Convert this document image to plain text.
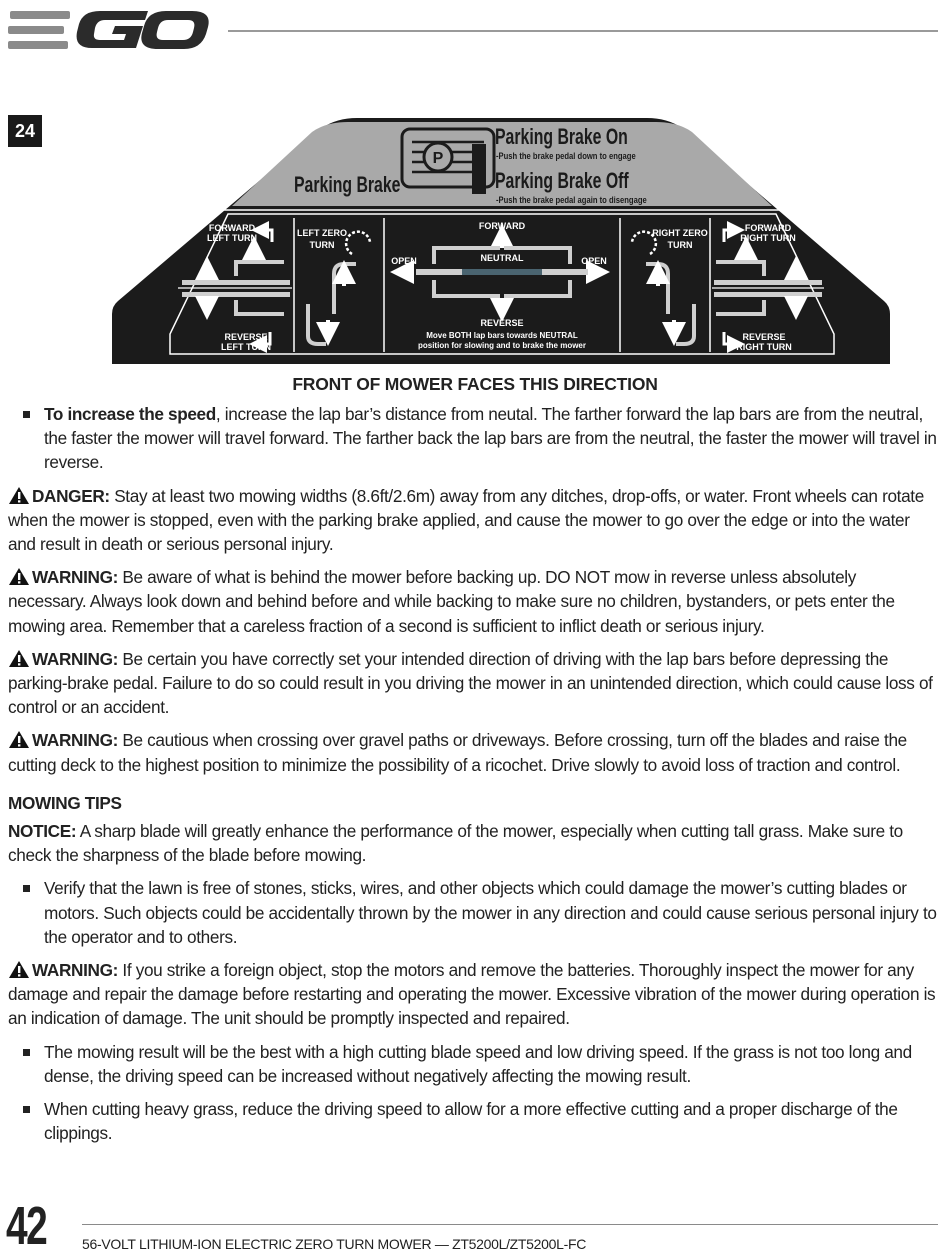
24
P
Parking Brake
Parking Brake On
-Push the brake pedal down to engage
Parking Brake Off
-Push the brake pedal again to disengage
FORWARD
LEFT TURN
REVERSE
LEFT TURN
LEFT ZERO
TURN
FORWARD
NEUTRAL
OPEN	OPEN
REVERSE
Move BOTH lap bars towards NEUTRAL
position for slowing and to brake the mower
RIGHT ZERO
TURN
FORWARD
RIGHT TURN
REVERSE
RIGHT TURN
FRONT OF MOWER FACES THIS DIRECTION
To increase the speed, increase the lap bar’s distance from neutal. The farther forward the lap bars are from the neutral, the faster the mower will travel forward. The farther back the lap bars are from the neutral, the faster the mower will travel in reverse.
DANGER: Stay at least two mowing widths (8.6ft/2.6m) away from any ditches, drop-offs, or water. Front wheels can rotate when the mower is stopped, even with the parking brake applied, and cause the mower to go over the edge or into the water and result in death or serious personal injury.
WARNING: Be aware of what is behind the mower before backing up. DO NOT mow in reverse unless absolutely necessary. Always look down and behind before and while backing to make sure no children, bystanders, or pets enter the mowing area. Remember that a careless fraction of a second is sufficient to inflict death or serious injury.
WARNING: Be certain you have correctly set your intended direction of driving with the lap bars before depressing the parking-brake pedal. Failure to do so could result in you driving the mower in an unintended direction, which could cause loss of control or an accident.
WARNING: Be cautious when crossing over gravel paths or driveways. Before crossing, turn off the blades and raise the cutting deck to the highest position to minimize the possibility of a ricochet. Drive slowly to avoid loss of traction and control.
MOWING TIPS
NOTICE: A sharp blade will greatly enhance the performance of the mower, especially when cutting tall grass. Make sure to check the sharpness of the blade before mowing.
Verify that the lawn is free of stones, sticks, wires, and other objects which could damage the mower’s cutting blades or motors. Such objects could be accidentally thrown by the mower in any direction and could cause serious personal injury to the operator and to others.
WARNING: If you strike a foreign object, stop the motors and remove the batteries. Thoroughly inspect the mower for any damage and repair the damage before restarting and operating the mower. Excessive vibration of the mower during operation is an indication of damage. The unit should be promptly inspected and repaired.
The mowing result will be the best with a high cutting blade speed and low driving speed. If the grass is not too long and dense, the driving speed can be increased without negatively affecting the mowing result.
When cutting heavy grass, reduce the driving speed to allow for a more effective cutting and a proper discharge of the clippings.
42	56-VOLT LITHIUM-ION ELECTRIC ZERO TURN MOWER — ZT5200L/ZT5200L-FC
